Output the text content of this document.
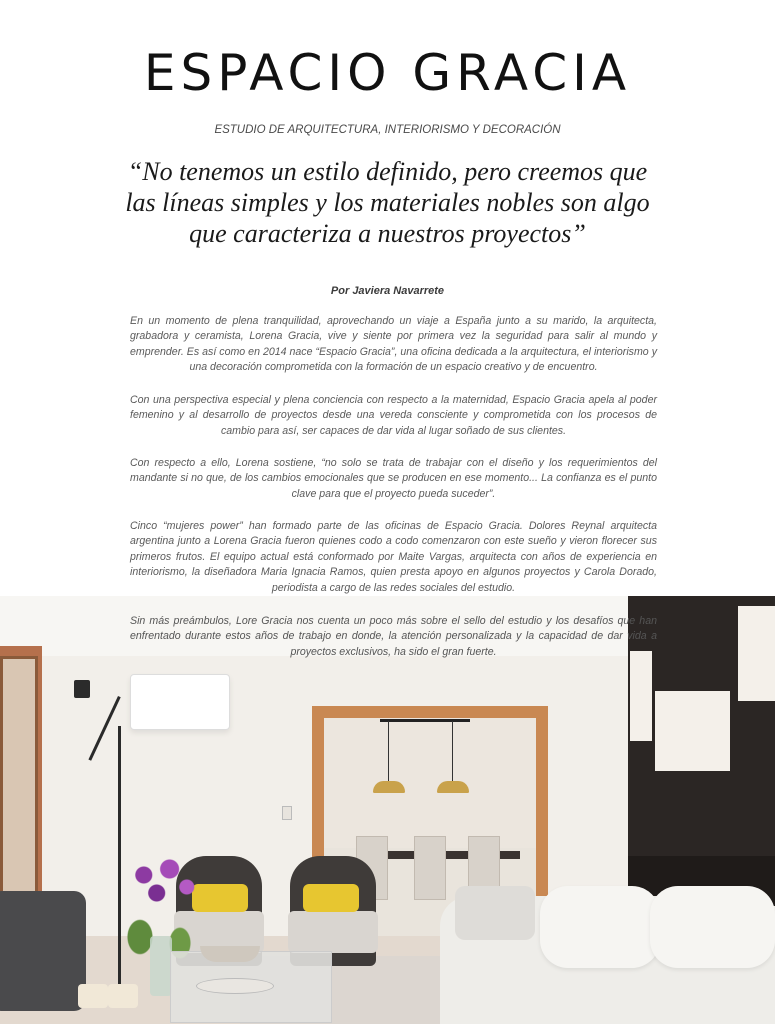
ESPACIO GRACIA
ESTUDIO DE ARQUITECTURA, INTERIORISMO Y DECORACIÓN
“No tenemos un estilo definido, pero creemos que las líneas simples y los materiales nobles son algo que caracteriza a nuestros proyectos”
Por Javiera Navarrete

En un momento de plena tranquilidad, aprovechando un viaje a España junto a su marido, la arquitecta, grabadora y ceramista, Lorena Gracia, vive y siente por primera vez la seguridad para salir al mundo y emprender. Es así como en 2014 nace “Espacio Gracia”, una oficina dedicada a la arquitectura, el interiorismo y una decoración comprometida con la formación de un espacio creativo y de encuentro.

Con una perspectiva especial y plena conciencia con respecto a la maternidad, Espacio Gracia apela al poder femenino y al desarrollo de proyectos desde una vereda consciente y comprometida con los procesos de cambio para así, ser capaces de dar vida al lugar soñado de sus clientes.

Con respecto a ello, Lorena sostiene, “no solo se trata de trabajar con el diseño y los requerimientos del mandante si no que, de los cambios emocionales que se producen en ese momento... La confianza es el punto clave para que el proyecto pueda suceder”.

Cinco “mujeres power” han formado parte de las oficinas de Espacio Gracia. Dolores Reynal arquitecta argentina junto a Lorena Gracia fueron quienes codo a codo comenzaron con este sueño y vieron florecer sus primeros frutos. El equipo actual está conformado por Maite Vargas, arquitecta con años de experiencia en interiorismo, la diseñadora Maria Ignacia Ramos, quien presta apoyo en algunos proyectos y Carola Dorado, periodista a cargo de las redes sociales del estudio.

Sin más preámbulos, Lore Gracia nos cuenta un poco más sobre el sello del estudio y los desafíos que han enfrentado durante estos años de trabajo en donde, la atención personalizada y la capacidad de dar vida a proyectos exclusivos, ha sido el gran fuerte.
